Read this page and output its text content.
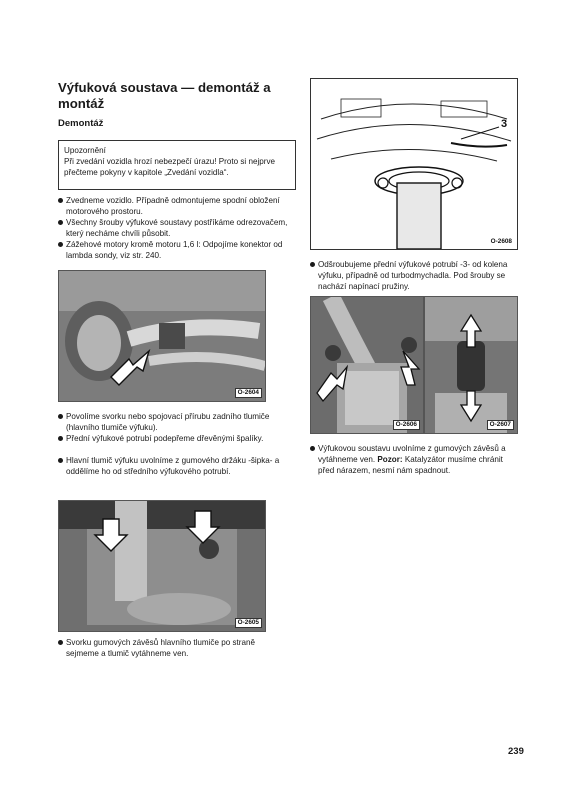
Výfuková soustava — demontáž a montáž
Demontáž
Upozornění
Při zvedání vozidla hrozí nebezpečí úrazu! Proto si nejprve přečteme pokyny v kapitole „Zvedání vozidla“.
Zvedneme vozidlo. Případně odmontujeme spodní obložení motorového prostoru.
Všechny šrouby výfukové soustavy postříkáme odrezovačem, který necháme chvíli působit.
Zážehové motory kromě motoru 1,6 l: Odpojíme konektor od lambda sondy, viz str. 240.
O-2604
Povolíme svorku nebo spojovací přírubu zadního tlumiče (hlavního tlumiče výfuku).
Přední výfukové potrubí podepřeme dřevěnými špalíky.
Hlavní tlumič výfuku uvolníme z gumového držáku -šipka- a oddělíme ho od středního výfukového potrubí.
O-2605
Svorku gumových závěsů hlavního tlumiče po straně sejmeme a tlumič vytáhneme ven.
3
O-2608
Odšroubujeme přední výfukové potrubí -3- od kolena výfuku, případně od turbodmychadla. Pod šrouby se nachází napínací pružiny.
O-2606	O-2607
Výfukovou soustavu uvolníme z gumových závěsů a vytáhneme ven. Pozor: Katalyzátor musíme chránit před nárazem, nesmí nám spadnout.
239
